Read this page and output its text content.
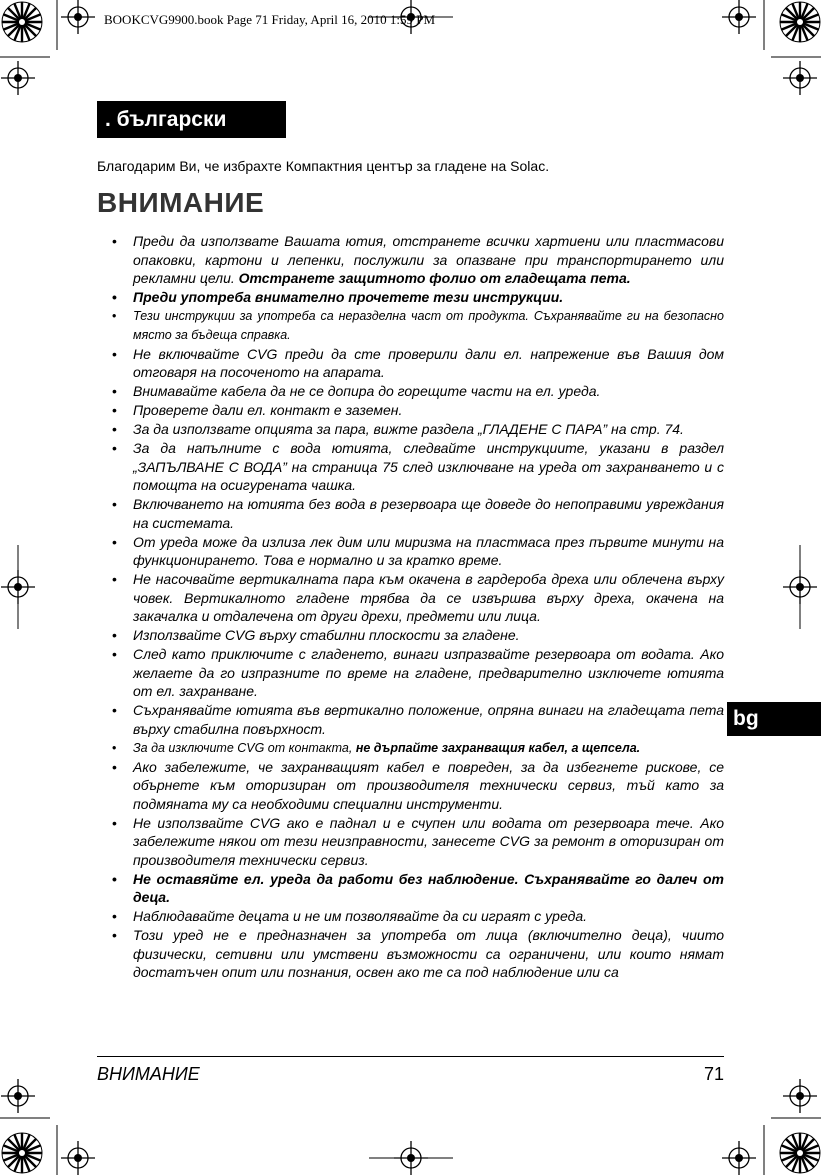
BOOKCVG9900.book Page 71 Friday, April 16, 2010 1:59 PM
. български
Благодарим Ви, че избрахте Компактния център за гладене на Solac.
ВНИМАНИЕ
• Преди да използвате Вашата ютия, отстранете всички хартиени или пластмасови опаковки, картони и лепенки, послужили за опазване при транспортирането или рекламни цели. Отстранете защитното фолио от гладещата пета.
• Преди употреба внимателно прочетете тези инструкции.
• Тези инструкции за употреба са неразделна част от продукта. Съхранявайте ги на безопасно място за бъдеща справка.
• Не включвайте CVG преди да сте проверили дали ел. напрежение във Вашия дом отговаря на посоченото на апарата.
• Внимавайте кабела да не се допира до горещите части на ел. уреда.
• Проверете дали ел. контакт е заземен.
• За да използвате опцията за пара, вижте раздела „ГЛАДЕНЕ С ПАРА” на стр. 74.
• За да напълните с вода ютията, следвайте инструкциите, указани в раздел „ЗАПЪЛВАНЕ С ВОДА” на страница 75 след изключване на уреда от захранването и с помощта на осигурената чашка.
• Включването на ютията без вода в резервоара ще доведе до непоправими увреждания на системата.
• От уреда може да излиза лек дим или миризма на пластмаса през първите минути на функционирането. Това е нормално и за кратко време.
• Не насочвайте вертикалната пара към окачена в гардероба дреха или облечена върху човек. Вертикалното гладене трябва да се извършва върху дреха, окачена на закачалка и отдалечена от други дрехи, предмети или лица.
• Използвайте CVG върху стабилни плоскости за гладене.
• След като приключите с гладенето, винаги изпразвайте резервоара от водата. Ако желаете да го изпразните по време на гладене, предварително изключете ютията от ел. захранване.
• Съхранявайте ютията във вертикално положение, опряна винаги на гладещата пета върху стабилна повърхност.
• За да изключите CVG от контакта, не дърпайте захранващия кабел, а щепсела.
• Ако забележите, че захранващият кабел е повреден, за да избегнете рискове, се обърнете към оторизиран от производителя технически сервиз, тъй като за подмяната му са необходими специални инструменти.
• Не използвайте CVG ако е паднал и е счупен или водата от резервоара тече. Ако забележите някои от тези неизправности, занесете CVG за ремонт в оторизиран от производителя технически сервиз.
• Не оставяйте ел. уреда да работи без наблюдение. Съхранявайте го далеч от деца.
• Наблюдавайте децата и не им позволявайте да си играят с уреда.
• Този уред не е предназначен за употреба от лица (включително деца), чиито физически, сетивни или умствени възможности са ограничени, или които нямат достатъчен опит или познания, освен ако те са под наблюдение или са
bg
ВНИМАНИЕ	71
